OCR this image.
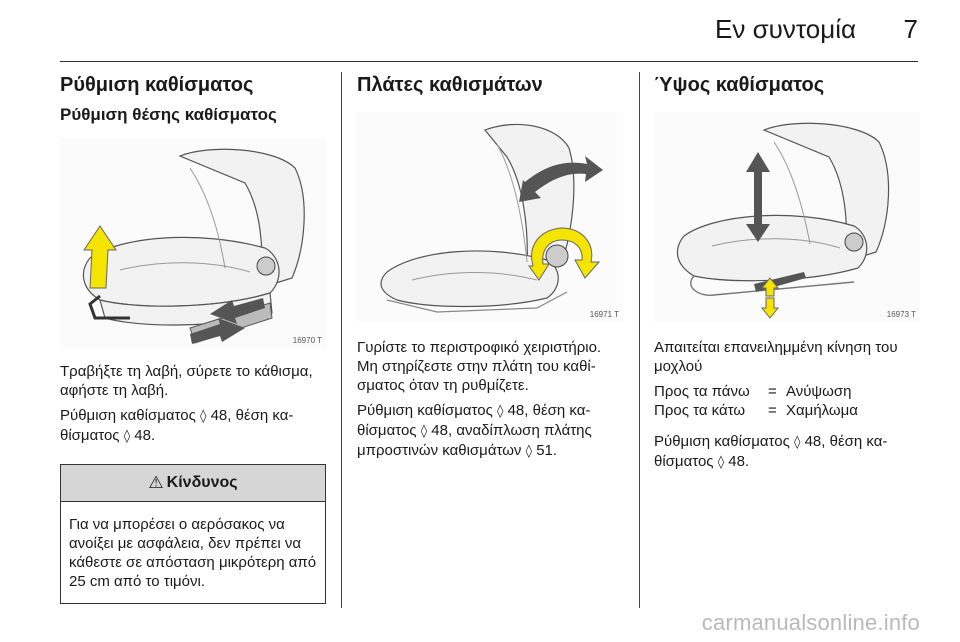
Εν συντομία 7
Ρύθμιση καθίσματος
Ρύθμιση θέσης καθίσματος
16970 T

Τραβήξτε τη λαβή, σύρετε το κάθισμα, αφήστε τη λαβή.

Ρύθμιση καθίσματος ◊ 48, θέση κα-θίσματος ◊ 48.

⚠ Κίνδυνος
Για να μπορέσει ο αερόσακος να ανοίξει με ασφάλεια, δεν πρέπει να κάθεστε σε απόσταση μικρότερη από 25 cm από το τιμόνι.
Πλάτες καθισμάτων
16971 T

Γυρίστε το περιστροφικό χειριστήριο. Μη στηρίζεστε στην πλάτη του καθί-σματος όταν τη ρυθμίζετε.

Ρύθμιση καθίσματος ◊ 48, θέση κα-θίσματος ◊ 48, αναδίπλωση πλάτης μπροστινών καθισμάτων ◊ 51.

Ύψος καθίσματος
16973 T

Απαιτείται επανειλημμένη κίνηση του μοχλού

Προς τα πάνω	=	Ανύψωση
Προς τα κάτω	=	Χαμήλωμα

Ρύθμιση καθίσματος ◊ 48, θέση κα-θίσματος ◊ 48.

carmanualsonline.info
